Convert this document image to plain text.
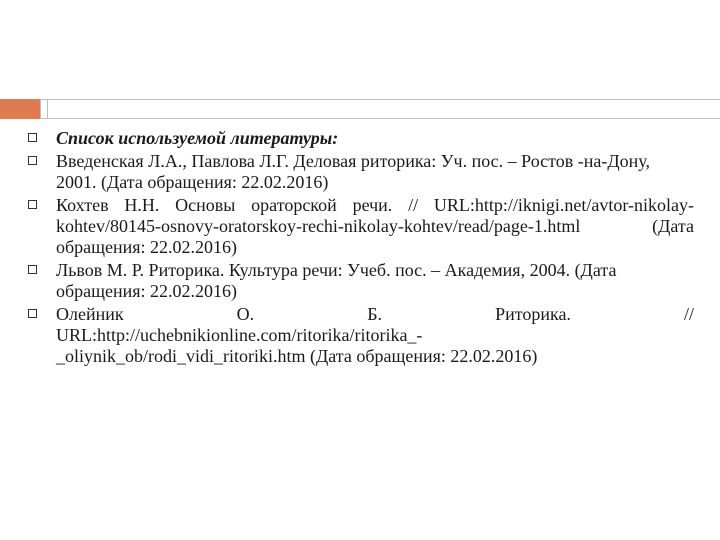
Список используемой литературы:
Введенская Л.А., Павлова Л.Г. Деловая риторика: Уч. пос. – Ростов -на-Дону, 2001. (Дата обращения: 22.02.2016)
Кохтев Н.Н. Основы ораторской речи. // URL:http://iknigi.net/avtor-nikolay-kohtev/80145-osnovy-oratorskoy-rechi-nikolay-kohtev/read/page-1.html (Дата обращения: 22.02.2016)
Львов М. Р. Риторика. Культура речи: Учеб. пос. – Академия, 2004. (Дата обращения: 22.02.2016)
Олейник	О.	Б.	Риторика.	//
URL:http://uchebnikionline.com/ritorika/ritorika_-
_oliynik_ob/rodi_vidi_ritoriki.htm (Дата обращения: 22.02.2016)
